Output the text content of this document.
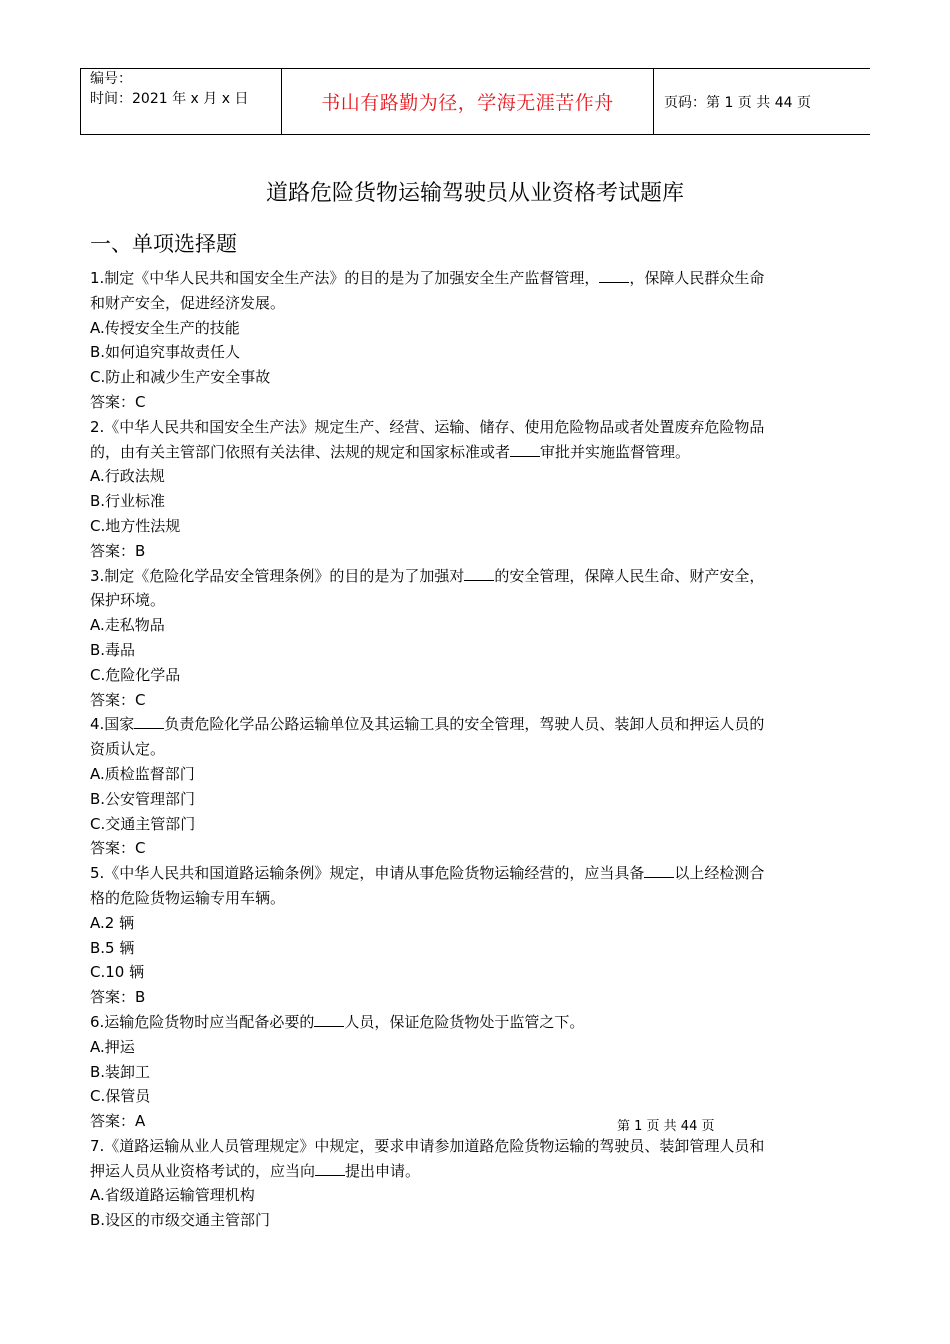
编号：
时间：2021 年 x 月 x 日	书山有路勤为径，学海无涯苦作舟	页码：第 1 页 共 44 页
道路危险货物运输驾驶员从业资格考试题库
一、单项选择题

1.制定《中华人民共和国安全生产法》的目的是为了加强安全生产监督管理， ，保障人民群众生命

和财产安全，促进经济发展。

A.传授安全生产的技能

B.如何追究事故责任人

C.防止和减少生产安全事故

答案：C

2.《中华人民共和国安全生产法》规定生产、经营、运输、储存、使用危险物品或者处置废弃危险物品

的，由有关主管部门依照有关法律、法规的规定和国家标准或者 审批并实施监督管理。

A.行政法规

B.行业标准

C.地方性法规

答案：B

3.制定《危险化学品安全管理条例》的目的是为了加强对 的安全管理，保障人民生命、财产安全，

保护环境。

A.走私物品

B.毒品

C.危险化学品

答案：C

4.国家 负责危险化学品公路运输单位及其运输工具的安全管理，驾驶人员、装卸人员和押运人员的

资质认定。

A.质检监督部门

B.公安管理部门

C.交通主管部门

答案：C

5.《中华人民共和国道路运输条例》规定，申请从事危险货物运输经营的，应当具备 以上经检测合

格的危险货物运输专用车辆。

A.2 辆

B.5 辆

C.10 辆

答案：B

6.运输危险货物时应当配备必要的 人员，保证危险货物处于监管之下。

A.押运

B.装卸工

C.保管员

答案：A

7.《道路运输从业人员管理规定》中规定，要求申请参加道路危险货物运输的驾驶员、装卸管理人员和

押运人员从业资格考试的，应当向 提出申请。

A.省级道路运输管理机构

B.设区的市级交通主管部门

第 1 页 共 44 页
